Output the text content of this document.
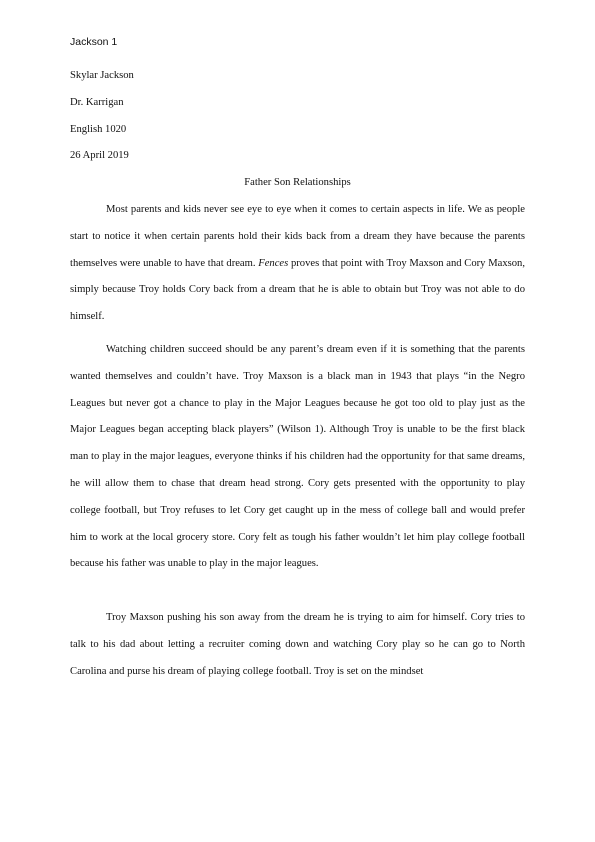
Jackson 1
Skylar Jackson
Dr. Karrigan
English 1020
26 April 2019
Father Son Relationships

Most parents and kids never see eye to eye when it comes to certain aspects in life. We as people start to notice it when certain parents hold their kids back from a dream they have because the parents themselves were unable to have that dream. Fences proves that point with Troy Maxson and Cory Maxson, simply because Troy holds Cory back from a dream that he is able to obtain but Troy was not able to do himself.

Watching children succeed should be any parent’s dream even if it is something that the parents wanted themselves and couldn’t have. Troy Maxson is a black man in 1943 that plays “in the Negro Leagues but never got a chance to play in the Major Leagues because he got too old to play just as the Major Leagues began accepting black players” (Wilson 1). Although Troy is unable to be the first black man to play in the major leagues, everyone thinks if his children had the opportunity for that same dreams, he will allow them to chase that dream head strong. Cory gets presented with the opportunity to play college football, but Troy refuses to let Cory get caught up in the mess of college ball and would prefer him to work at the local grocery store. Cory felt as tough his father wouldn’t let him play college football because his father was unable to play in the major leagues.

Troy Maxson pushing his son away from the dream he is trying to aim for himself. Cory tries to talk to his dad about letting a recruiter coming down and watching Cory play so he can go to North Carolina and purse his dream of playing college football. Troy is set on the mindset
